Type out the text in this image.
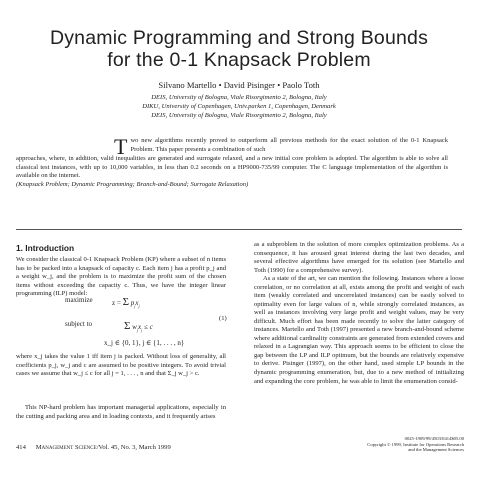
Dynamic Programming and Strong Bounds
for the 0-1 Knapsack Problem
Silvano Martello • David Pisinger • Paolo Toth
DEIS, University of Bologna, Viale Risorgimento 2, Bologna, Italy
DIKU, University of Copenhagen, Univ.parken 1, Copenhagen, Denmark
DEIS, University of Bologna, Viale Risorgimento 2, Bologna, Italy
T wo new algorithms recently proved to outperform all previous methods for the exact solution of the 0-1 Knapsack Problem. This paper presents a combination of such
approaches, where, in addition, valid inequalities are generated and surrogate relaxed, and a new initial core problem is adopted. The algorithm is able to solve all classical test instances, with up to 10,000 variables, in less than 0.2 seconds on a HP9000-735/99 computer. The C language implementation of the algorithm is available on the internet.
(Knapsack Problem; Dynamic Programming; Branch-and-Bound; Surrogate Relaxation)
1. Introduction

We consider the classical 0-1 Knapsack Problem (KP) where a subset of n items has to be packed into a knapsack of capacity c. Each item j has a profit p_j and a weight w_j, and the problem is to maximize the profit sum of the chosen items without exceeding the capacity c. Thus, we have the integer linear programming (ILP) model:

maximize	z = Σ $p_jx_j$
subject to	Σ $w_jx_j \le c$
(1)
x_j ∈ {0, 1}, j ∈ {1, . . . , n}

where x_j takes the value 1 iff item j is packed. Without loss of generality, all coefficients p_j, w_j and c are assumed to be positive integers. To avoid trivial cases we assume that w_j ≤ c for all j = 1, . . . , n and that Σ_j w_j > c.

This NP-hard problem has important managerial applications, especially in the cutting and packing area and in loading contexts, and it frequently arises

as a subproblem in the solution of more complex optimization problems. As a consequence, it has aroused great interest during the last two decades, and several effective algorithms have emerged for its solution (see Martello and Toth (1990) for a comprehensive survey).

As a state of the art, we can mention the following. Instances where a loose correlation, or no correlation at all, exists among the profit and weight of each item (weakly correlated and uncorrelated instances) can be easily solved to optimality even for large values of n, while strongly correlated instances, as well as instances involving very large profit and weight values, may be very difficult. Much effort has been made recently to solve the latter category of instances. Martello and Toth (1997) presented a new branch-and-bound scheme where additional cardinality constraints are generated from extended covers and relaxed in a Lagrangian way. This approach seems to be efficient to close the gap between the LP and ILP optimum, but the bounds are relatively expensive to derive. Pisinger (1997), on the other hand, used simple LP bounds in the dynamic programming enumeration, but, due to a new method of initializing and expanding the core problem, he was able to limit the enumeration consid-

414 Management Science/Vol. 45, No. 3, March 1999
0025-1909/99/4503/0414$05.00
Copyright © 1999, Institute for Operations Research
and the Management Sciences
